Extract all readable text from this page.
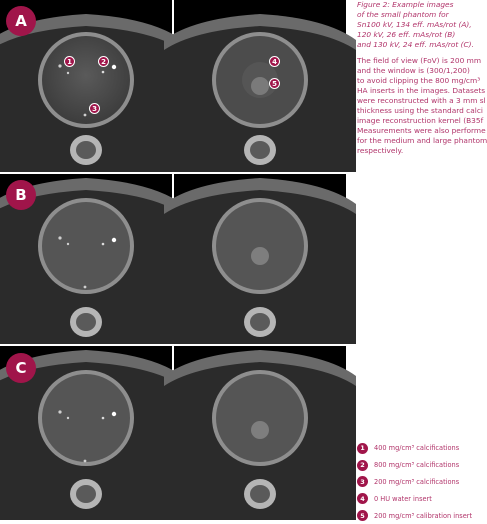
A
1	2
3
4
5
B
C

Figure 2: Example images
of the small phantom for
Sn100 kV, 134 eff. mAs/rot (A),
120 kV, 26 eff. mAs/rot (B)
and 130 kV, 24 eff. mAs/rot (C).

The field of view (FoV) is 200 mm
and the window is (300/1,200)
to avoid clipping the 800 mg/cm³
HA inserts in the images. Datasets
were reconstructed with a 3 mm sl
thickness using the standard calci
image reconstruction kernel (B35f
Measurements were also performe
for the medium and large phantom
respectively.

1	400 mg/cm³ calcifications
2	800 mg/cm³ calcifications
3	200 mg/cm³ calcifications
4	0 HU water insert
5	200 mg/cm³ calibration insert
